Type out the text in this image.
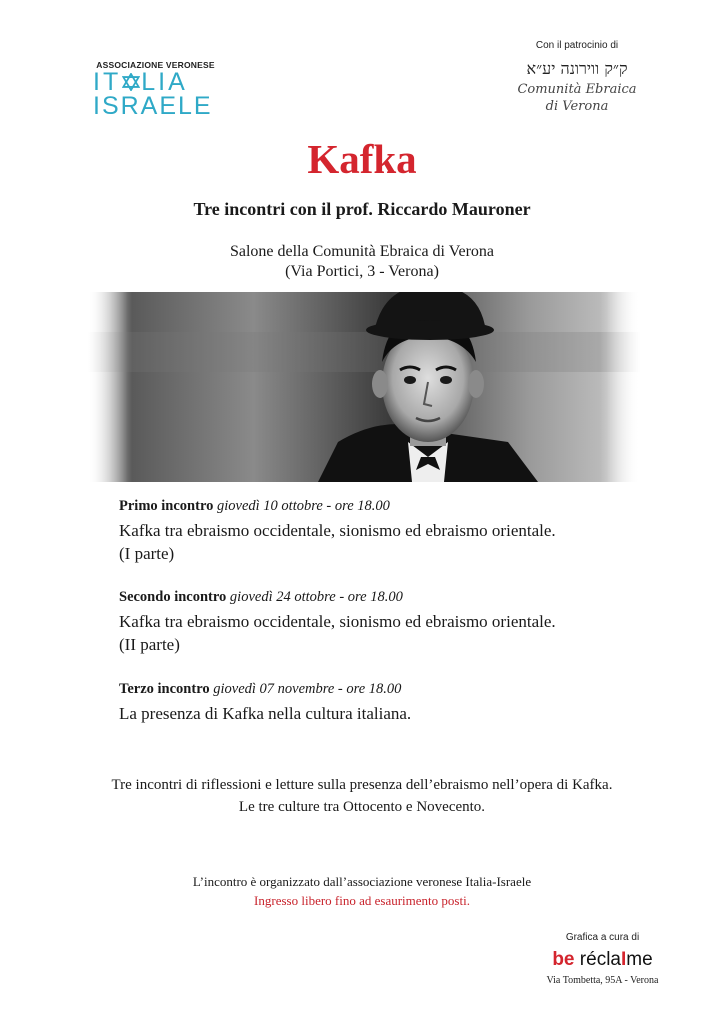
ASSOCIAZIONE VERONESE
IT LIA
ISRAELE
Con il patrocinio di
ק״ק ווירונה יע״א
Comunità Ebraica
di Verona
Kafka
Tre incontri con il prof. Riccardo Mauroner
Salone della Comunità Ebraica di Verona
(Via Portici, 3 - Verona)
Primo incontro giovedì 10 ottobre - ore 18.00
Kafka tra ebraismo occidentale, sionismo ed ebraismo orientale.
(I parte)
Secondo incontro giovedì 24 ottobre - ore 18.00
Kafka tra ebraismo occidentale, sionismo ed ebraismo orientale.
(II parte)
Terzo incontro giovedì 07 novembre - ore 18.00
La presenza di Kafka nella cultura italiana.
Tre incontri di riflessioni e letture sulla presenza dell’ebraismo nell’opera di Kafka.
Le tre culture tra Ottocento e Novecento.
L’incontro è organizzato dall’associazione veronese Italia-Israele
Ingresso libero fino ad esaurimento posti.
Grafica a cura di
be réclaIme
Via Tombetta, 95A - Verona
